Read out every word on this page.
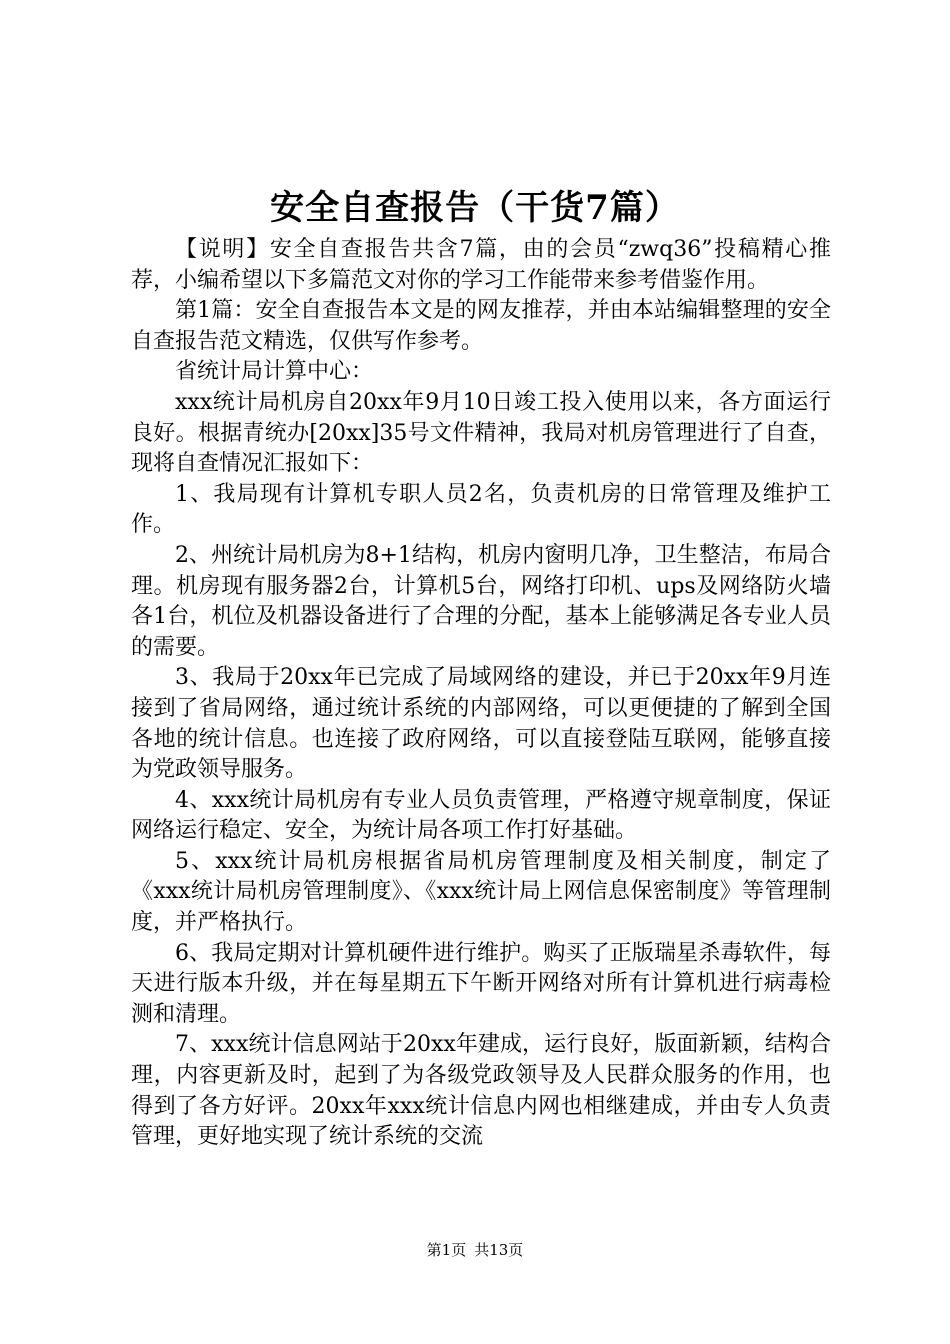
安全自查报告（干货7篇）

【说明】安全自查报告共含7篇，由的会员“zwq36”投稿精心推荐，小编希望以下多篇范文对你的学习工作能带来参考借鉴作用。

第1篇：安全自查报告本文是的网友推荐，并由本站编辑整理的安全自查报告范文精选，仅供写作参考。

省统计局计算中心：

xxx统计局机房自20xx年9月10日竣工投入使用以来，各方面运行良好。根据青统办[20xx]35号文件精神，我局对机房管理进行了自查，现将自查情况汇报如下：

1、我局现有计算机专职人员2名，负责机房的日常管理及维护工作。

2、州统计局机房为8+1结构，机房内窗明几净，卫生整洁，布局合理。机房现有服务器2台，计算机5台，网络打印机、ups及网络防火墙各1台，机位及机器设备进行了合理的分配，基本上能够满足各专业人员的需要。

3、我局于20xx年已完成了局域网络的建设，并已于20xx年9月连接到了省局网络，通过统计系统的内部网络，可以更便捷的了解到全国各地的统计信息。也连接了政府网络，可以直接登陆互联网，能够直接为党政领导服务。

4、xxx统计局机房有专业人员负责管理，严格遵守规章制度，保证网络运行稳定、安全，为统计局各项工作打好基础。

5、xxx统计局机房根据省局机房管理制度及相关制度，制定了《xxx统计局机房管理制度》、《xxx统计局上网信息保密制度》等管理制度，并严格执行。

6、我局定期对计算机硬件进行维护。购买了正版瑞星杀毒软件，每天进行版本升级，并在每星期五下午断开网络对所有计算机进行病毒检测和清理。

7、xxx统计信息网站于20xx年建成，运行良好，版面新颖，结构合理，内容更新及时，起到了为各级党政领导及人民群众服务的作用，也得到了各方好评。20xx年xxx统计信息内网也相继建成，并由专人负责管理，更好地实现了统计系统的交流

第1页 共13页
